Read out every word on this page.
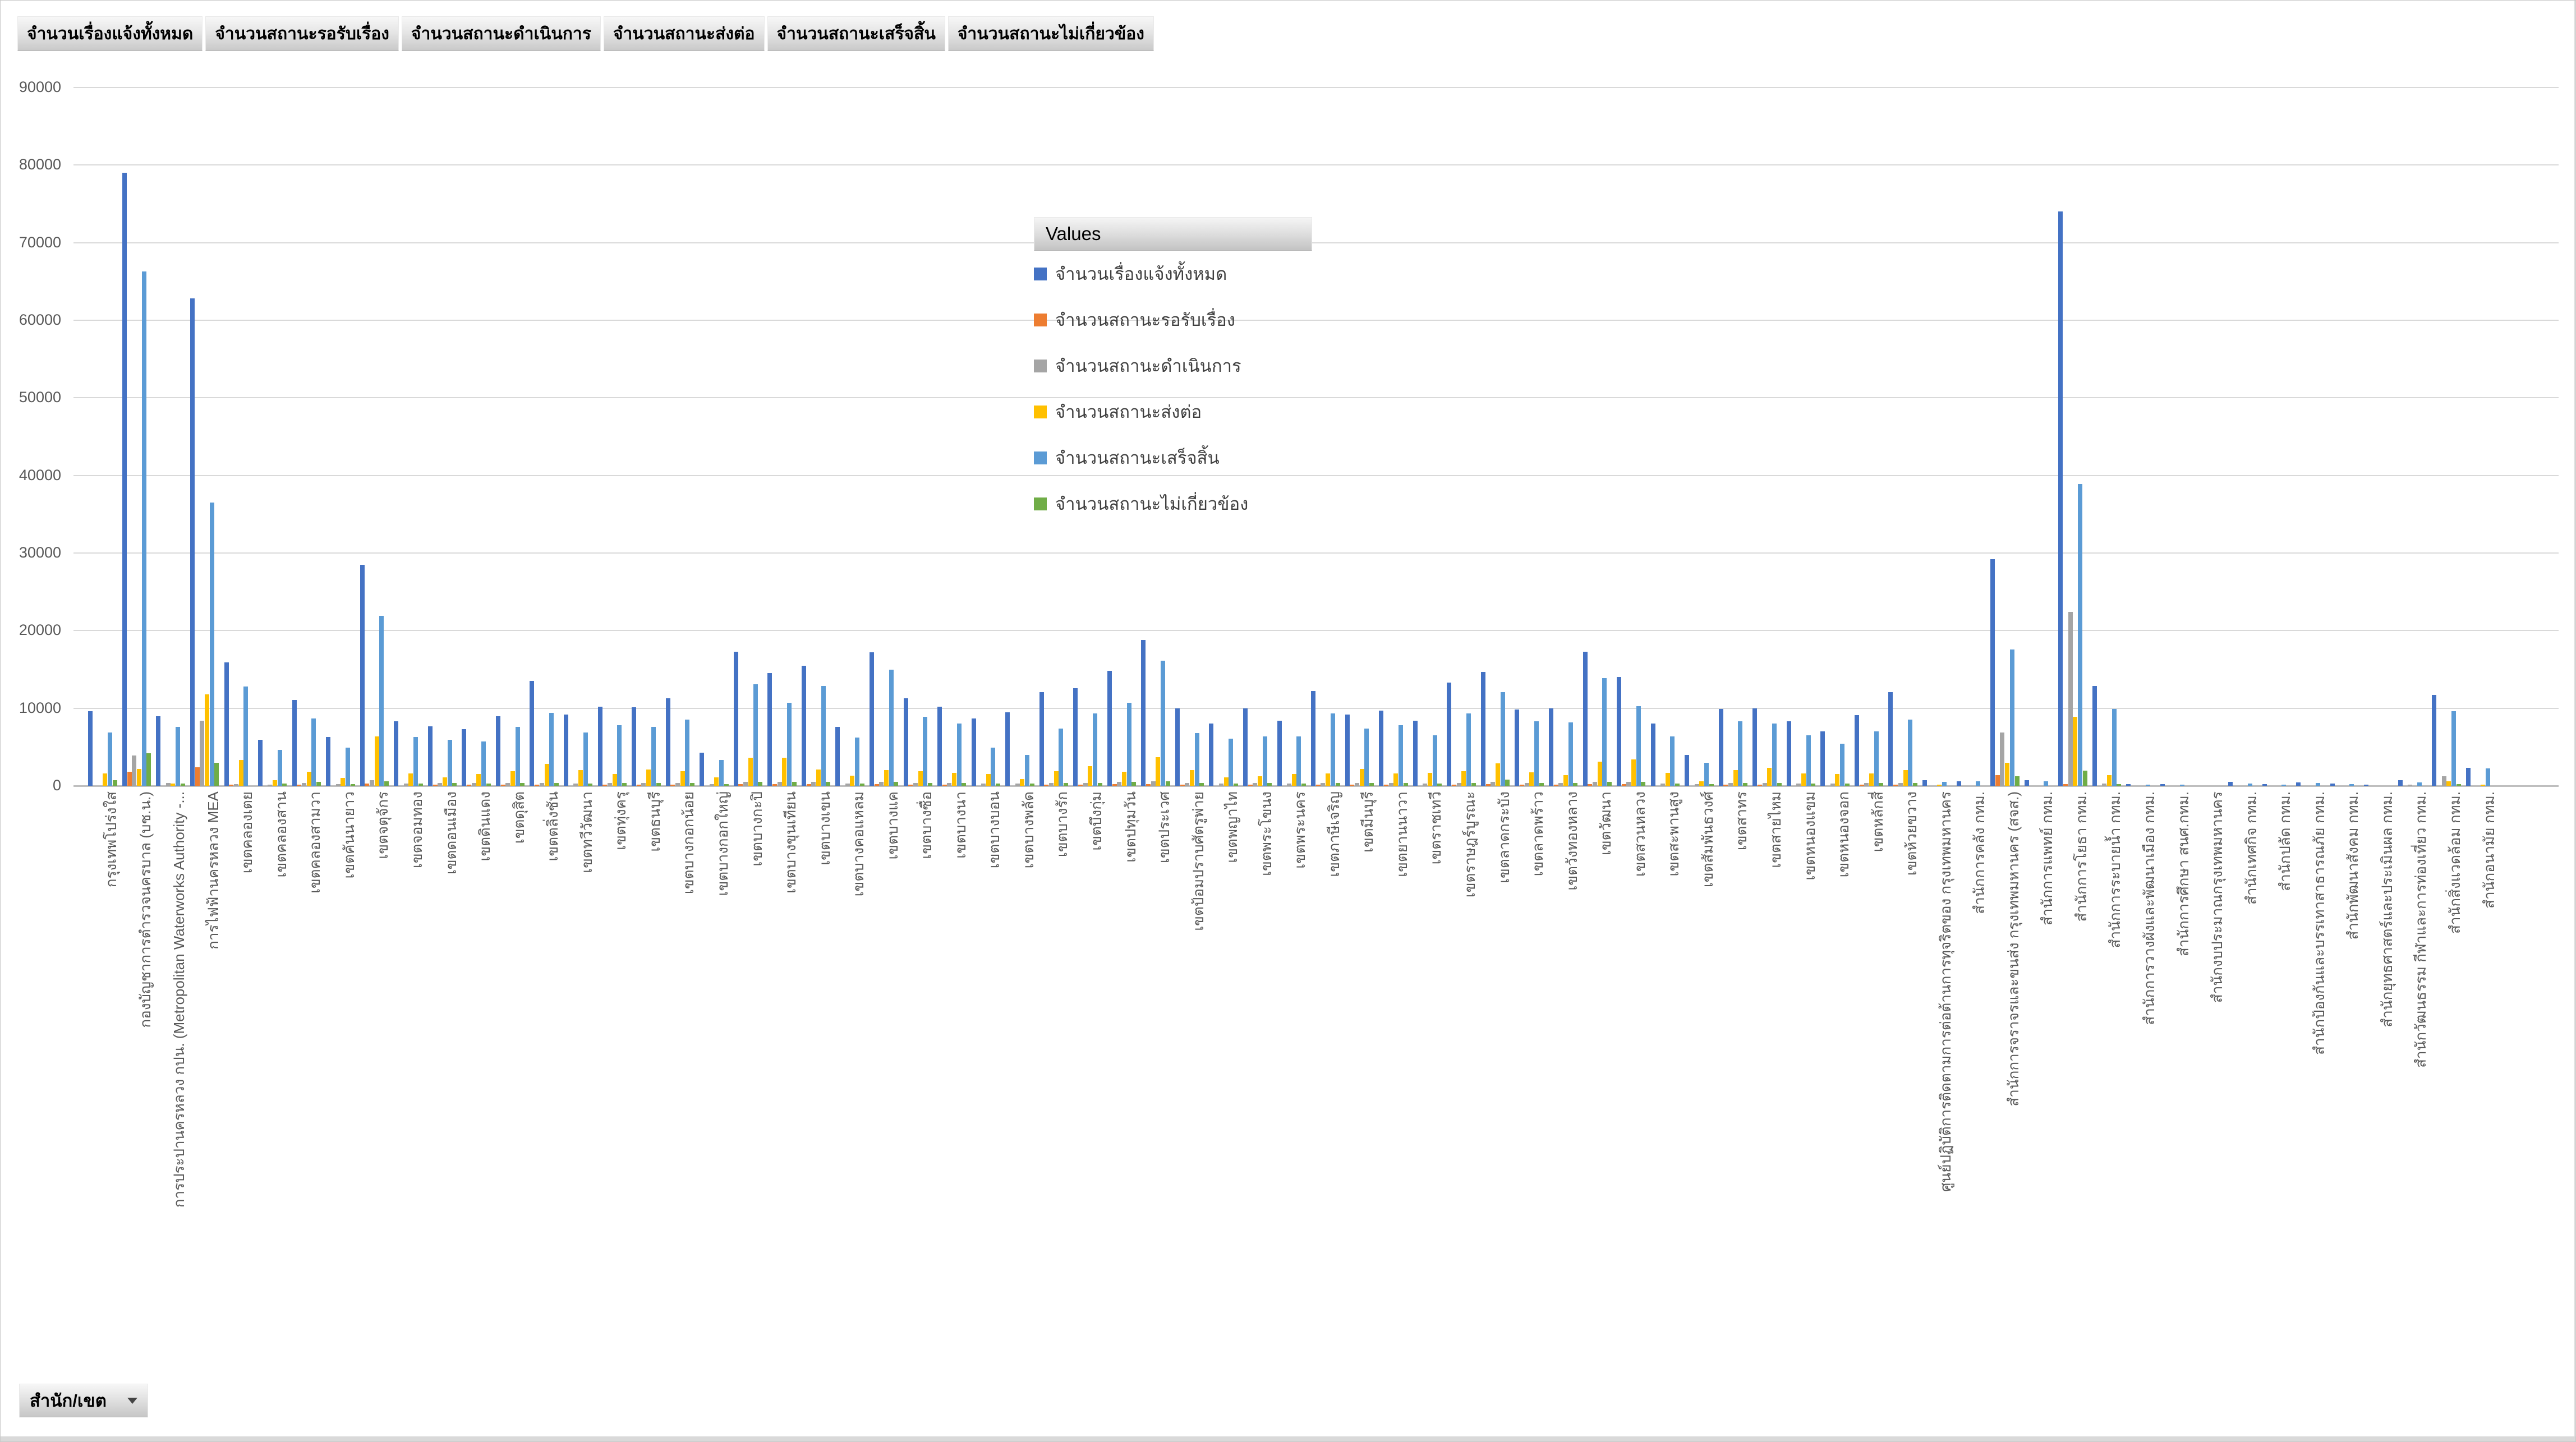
จำนวนเรื่องแจ้งทั้งหมด	จำนวนสถานะรอรับเรื่อง	จำนวนสถานะดำเนินการ	จำนวนสถานะส่งต่อ	จำนวนสถานะเสร็จสิ้น	จำนวนสถานะไม่เกี่ยวข้อง
0
10000
20000
30000
40000
50000
60000
70000
80000
90000
กรุงเทพโปร่งใส กองบัญชาการตำรวจนครบาล (บช.น.) การประปานครหลวง กปน. (Metropolitan Waterworks Authority -... การไฟฟ้านครหลวง MEA เขตคลองเตย เขตคลองสาน เขตคลองสามวา เขตคันนายาว เขตจตุจักร เขตจอมทอง เขตดอนเมือง เขตดินแดง เขตดุสิต เขตตลิ่งชัน เขตทวีวัฒนา เขตทุ่งครุ เขตธนบุรี เขตบางกอกน้อย เขตบางกอกใหญ่ เขตบางกะปิ เขตบางขุนเทียน เขตบางเขน เขตบางคอแหลม เขตบางแค เขตบางซื่อ เขตบางนา เขตบางบอน เขตบางพลัด เขตบางรัก เขตบึงกุ่ม เขตปทุมวัน เขตประเวศ เขตป้อมปราบศัตรูพ่าย เขตพญาไท เขตพระโขนง เขตพระนคร เขตภาษีเจริญ เขตมีนบุรี เขตยานนาวา เขตราชเทวี เขตราษฎร์บูรณะ เขตลาดกระบัง เขตลาดพร้าว เขตวังทองหลาง เขตวัฒนา เขตสวนหลวง เขตสะพานสูง เขตสัมพันธวงศ์ เขตสาทร เขตสายไหม เขตหนองแขม เขตหนองจอก เขตหลักสี่ เขตห้วยขวาง ศูนย์ปฏิบัติการติดตามการต่อต้านการทุจริตของ กรุงเทพมหานคร สำนักการคลัง กทม. สำนักการจราจรและขนส่ง กรุงเทพมหานคร (สจส.) สำนักการแพทย์ กทม. สำนักการโยธา กทม. สำนักการระบายน้ำ กทม. สำนักการวางผังและพัฒนาเมือง กทม. สำนักการศึกษา สนศ.กทม. สำนักงบประมาณกรุงเทพมหานคร สำนักเทศกิจ กทม. สำนักปลัด กทม. สำนักป้องกันและบรรเทาสาธารณภัย กทม. สำนักพัฒนาสังคม กทม. สำนักยุทธศาสตร์และประเมินผล กทม. สำนักวัฒนธรรม กีฬาและการท่องเที่ยว กทม. สำนักสิ่งแวดล้อม กทม. สำนักอนามัย กทม.
Values
จำนวนเรื่องแจ้งทั้งหมด
จำนวนสถานะรอรับเรื่อง
จำนวนสถานะดำเนินการ
จำนวนสถานะส่งต่อ
จำนวนสถานะเสร็จสิ้น
จำนวนสถานะไม่เกี่ยวข้อง
สำนัก/เขต
